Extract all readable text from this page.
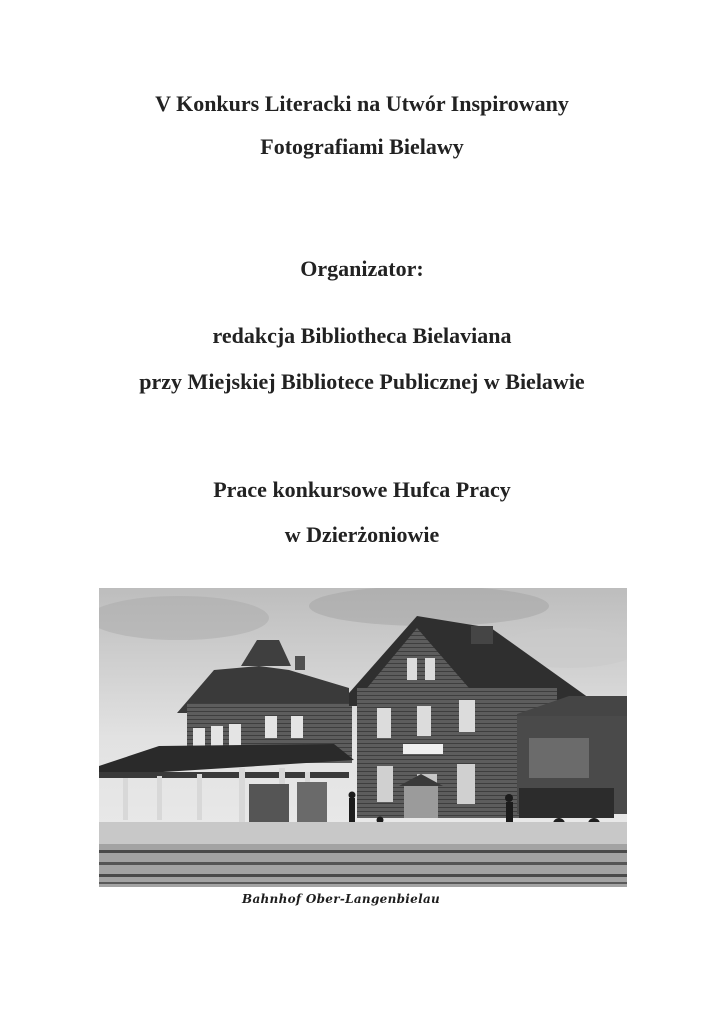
V Konkurs Literacki na Utwór Inspirowany
Fotografiami Bielawy
Organizator:
redakcja Bibliotheca Bielaviana
przy Miejskiej Bibliotece Publicznej w Bielawie
Prace konkursowe Hufca Pracy
w Dzierżoniowie
Bahnhof Ober-Langenbielau
